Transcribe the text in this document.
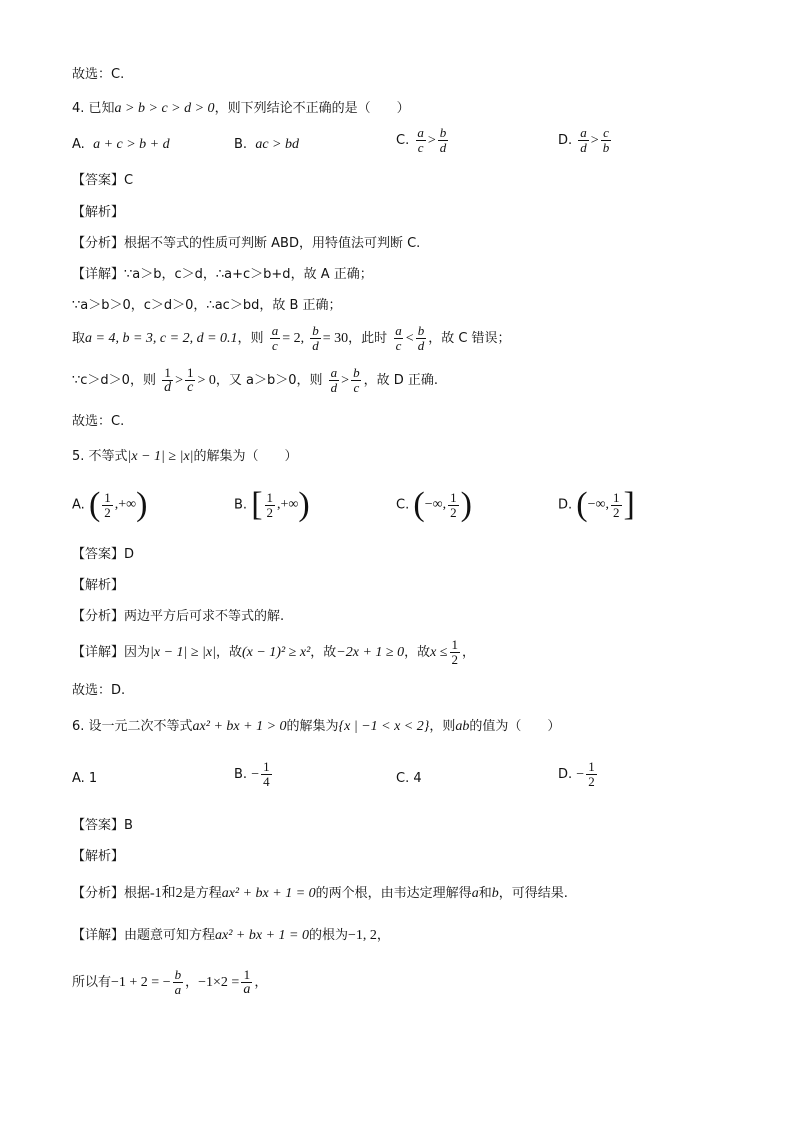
故选：C.
4. 已知a > b > c > d > 0，则下列结论不正确的是（　　）
A. a + c > b + d	B. ac > bd	C. $\frac{a}{c} > \frac{b}{d}$	D. $\frac{a}{d} > \frac{c}{b}$
【答案】C
【解析】
【分析】根据不等式的性质可判断 ABD，用特值法可判断 C.
【详解】∵a＞b，c＞d，∴a+c＞b+d，故 A 正确；
∵a＞b＞0，c＞d＞0，∴ac＞bd，故 B 正确；
取a = 4, b = 3, c = 2, d = 0.1，则 $\frac{a}{c} = 2$, $\frac{b}{d} = 30$，此时 $\frac{a}{c} < \frac{b}{d}$ ，故 C 错误；
∵c＞d＞0，则 $\frac{1}{d} > \frac{1}{c} > 0$，又 a＞b＞0，则 $\frac{a}{d} > \frac{b}{c}$ ，故 D 正确.
故选：C.
5. 不等式|x − 1| ≥ |x|的解集为（　　）
A. ( $\frac{1}{2}$ ,+∞ )	B. [ $\frac{1}{2}$ ,+∞ )	C. ( −∞, $\frac{1}{2}$ )	D. ( −∞, $\frac{1}{2}$ ]
【答案】D
【解析】
【分析】两边平方后可求不等式的解.
【详解】因为|x − 1| ≥ |x|，故(x − 1)² ≥ x²，故−2x + 1 ≥ 0，故$x \le \frac{1}{2}$ ，
故选：D.
6. 设一元二次不等式ax² + bx + 1 > 0的解集为{x | −1 < x < 2}，则ab的值为（　　）
A. 1	B. − $\frac{1}{4}$	C. 4	D. − $\frac{1}{2}$
【答案】B
【解析】
【分析】根据-1和2是方程ax² + bx + 1 = 0的两个根，由韦达定理解得a和b，可得结果.
【详解】由题意可知方程ax² + bx + 1 = 0的根为−1, 2，
所以有−1 + 2 = − $\frac{b}{a}$ ，$-1\times 2 = \frac{1}{a}$ ，
